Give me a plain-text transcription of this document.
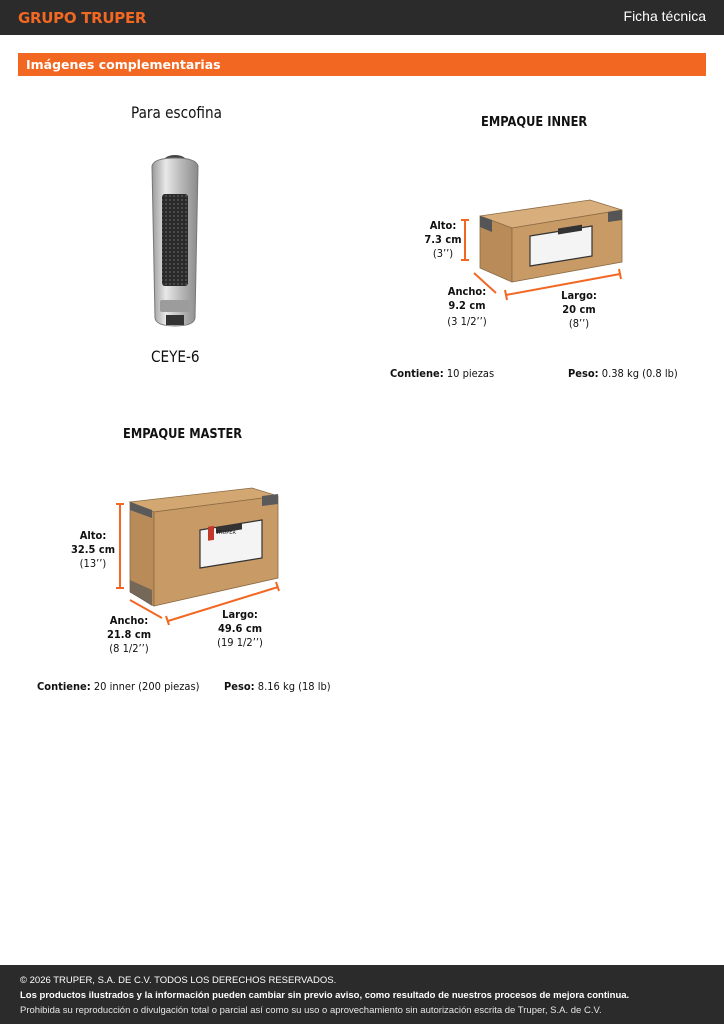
GRUPO TRUPER	Ficha técnica
Imágenes complementarias
Para escofina
CEYE-6
EMPAQUE INNER
Alto:
7.3 cm
(3’’)
Ancho:
9.2 cm
(3 1/2’’)
Largo:
20 cm
(8’’)
Contiene: 10 piezas	Peso: 0.38 kg (0.8 lb)
EMPAQUE MASTER
TRUPER
Alto:
32.5 cm
(13’’)
Ancho:
21.8 cm
(8 1/2’’)
Largo:
49.6 cm
(19 1/2’’)
Contiene: 20 inner (200 piezas) Peso: 8.16 kg (18 lb)
© 2026 TRUPER, S.A. DE C.V. TODOS LOS DERECHOS RESERVADOS.
Los productos ilustrados y la información pueden cambiar sin previo aviso, como resultado de nuestros procesos de mejora continua.
Prohibida su reproducción o divulgación total o parcial así como su uso o aprovechamiento sin autorización escrita de Truper, S.A. de C.V.
